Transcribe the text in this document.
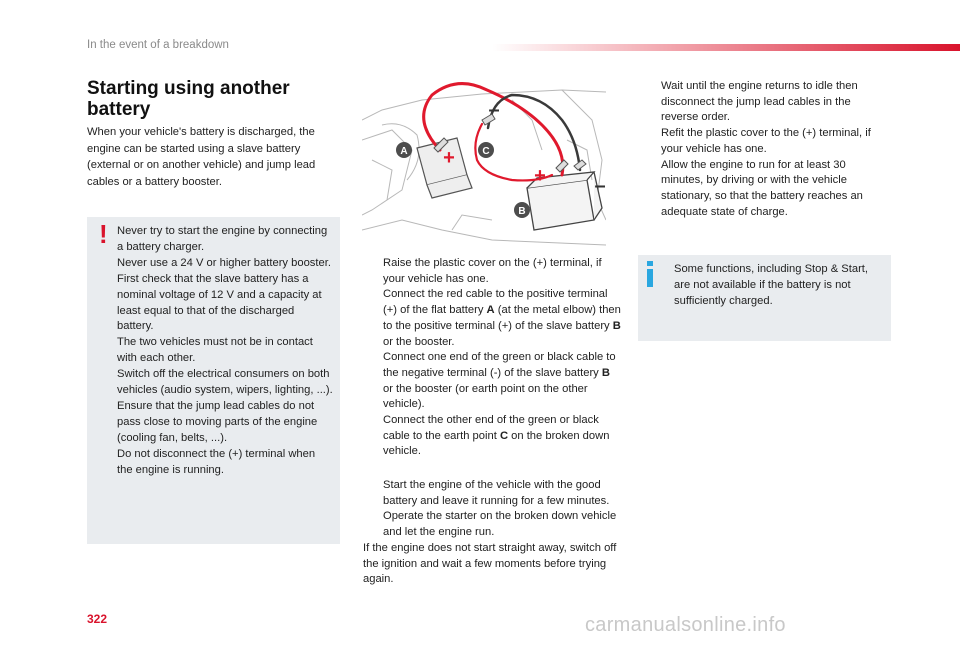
In the event of a breakdown
Starting using another battery
When your vehicle's battery is discharged, the engine can be started using a slave battery (external or on another vehicle) and jump lead cables or a battery booster.
! Never try to start the engine by connecting a battery charger.
Never use a 24 V or higher battery booster.
First check that the slave battery has a nominal voltage of 12 V and a capacity at least equal to that of the discharged battery.
The two vehicles must not be in contact with each other.
Switch off the electrical consumers on both vehicles (audio system, wipers, lighting, ...).
Ensure that the jump lead cables do not pass close to moving parts of the engine (cooling fan, belts, ...).
Do not disconnect the (+) terminal when the engine is running.
A	C
B
+
+
–
–
Raise the plastic cover on the (+) terminal, if your vehicle has one.
Connect the red cable to the positive terminal (+) of the flat battery A (at the metal elbow) then to the positive terminal (+) of the slave battery B or the booster.
Connect one end of the green or black cable to the negative terminal (-) of the slave battery B or the booster (or earth point on the other vehicle).
Connect the other end of the green or black cable to the earth point C on the broken down vehicle.
Start the engine of the vehicle with the good battery and leave it running for a few minutes.
Operate the starter on the broken down vehicle and let the engine run.
If the engine does not start straight away, switch off the ignition and wait a few moments before trying again.
Wait until the engine returns to idle then disconnect the jump lead cables in the reverse order.
Refit the plastic cover to the (+) terminal, if your vehicle has one.
Allow the engine to run for at least 30 minutes, by driving or with the vehicle stationary, so that the battery reaches an adequate state of charge.
Some functions, including Stop & Start, are not available if the battery is not sufficiently charged.
322	carmanualsonline.info
